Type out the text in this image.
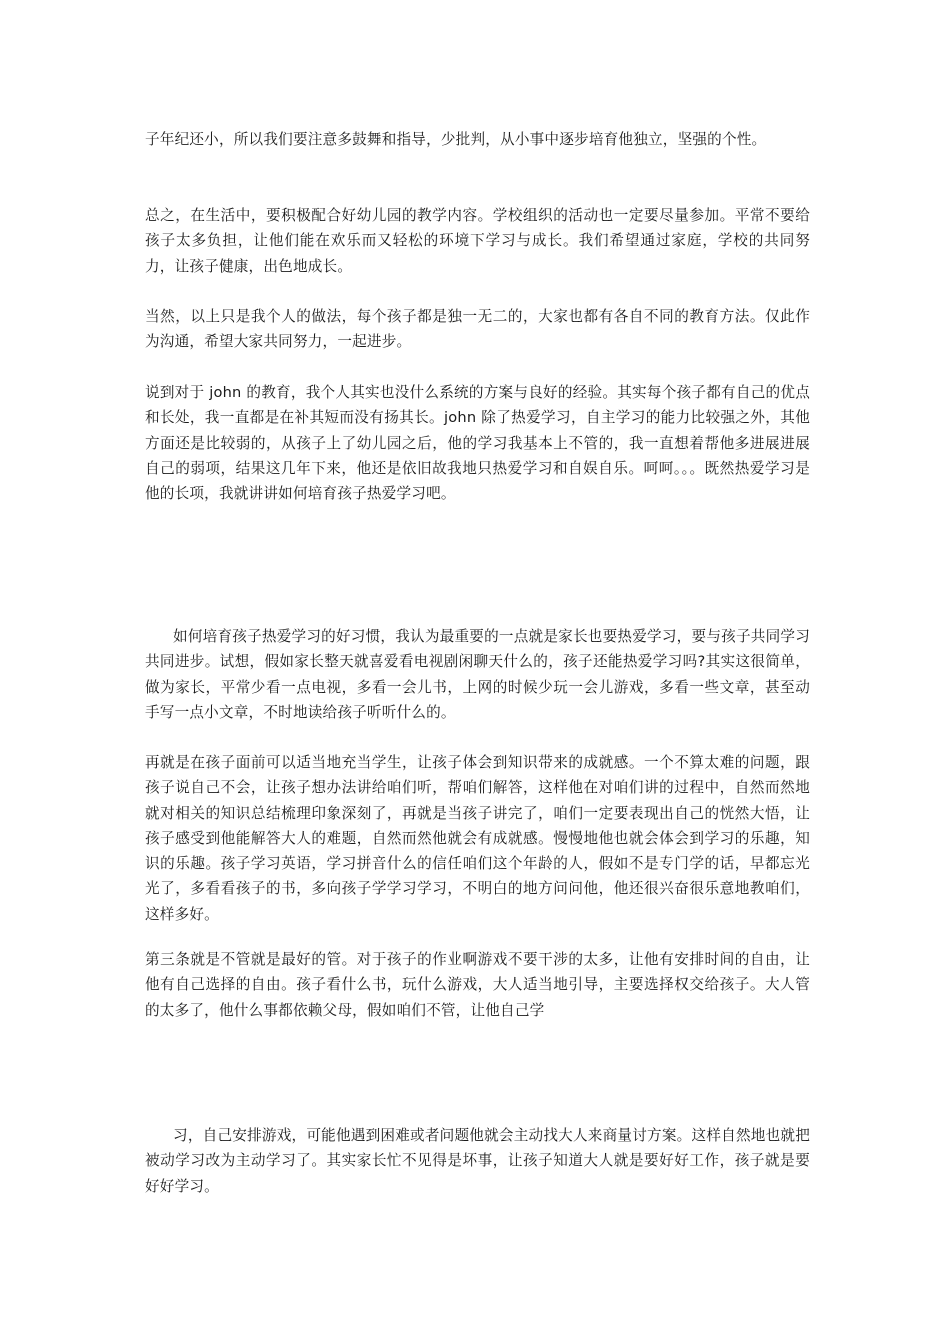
子年纪还小，所以我们要注意多鼓舞和指导，少批判，从小事中逐步培育他独立，坚强的个性。

总之，在生活中，要积极配合好幼儿园的教学内容。学校组织的活动也一定要尽量参加。平常不要给孩子太多负担，让他们能在欢乐而又轻松的环境下学习与成长。我们希望通过家庭，学校的共同努力，让孩子健康，出色地成长。

当然，以上只是我个人的做法，每个孩子都是独一无二的，大家也都有各自不同的教育方法。仅此作为沟通，希望大家共同努力，一起进步。

说到对于 john 的教育，我个人其实也没什么系统的方案与良好的经验。其实每个孩子都有自己的优点和长处，我一直都是在补其短而没有扬其长。john 除了热爱学习，自主学习的能力比较强之外，其他方面还是比较弱的，从孩子上了幼儿园之后，他的学习我基本上不管的，我一直想着帮他多进展进展自己的弱项，结果这几年下来，他还是依旧故我地只热爱学习和自娱自乐。呵呵。。。既然热爱学习是他的长项，我就讲讲如何培育孩子热爱学习吧。

如何培育孩子热爱学习的好习惯，我认为最重要的一点就是家长也要热爱学习，要与孩子共同学习共同进步。试想，假如家长整天就喜爱看电视剧闲聊天什么的，孩子还能热爱学习吗?其实这很简单，做为家长，平常少看一点电视，多看一会儿书，上网的时候少玩一会儿游戏，多看一些文章，甚至动手写一点小文章，不时地读给孩子听听什么的。

再就是在孩子面前可以适当地充当学生，让孩子体会到知识带来的成就感。一个不算太难的问题，跟孩子说自己不会，让孩子想办法讲给咱们听，帮咱们解答，这样他在对咱们讲的过程中，自然而然地就对相关的知识总结梳理印象深刻了，再就是当孩子讲完了，咱们一定要表现出自己的恍然大悟，让孩子感受到他能解答大人的难题，自然而然他就会有成就感。慢慢地他也就会体会到学习的乐趣，知识的乐趣。孩子学习英语，学习拼音什么的信任咱们这个年龄的人，假如不是专门学的话，早都忘光光了，多看看孩子的书，多向孩子学学习学习，不明白的地方问问他，他还很兴奋很乐意地教咱们，这样多好。

第三条就是不管就是最好的管。对于孩子的作业啊游戏不要干涉的太多，让他有安排时间的自由，让他有自己选择的自由。孩子看什么书，玩什么游戏，大人适当地引导，主要选择权交给孩子。大人管的太多了，他什么事都依赖父母，假如咱们不管，让他自己学

习，自己安排游戏，可能他遇到困难或者问题他就会主动找大人来商量讨方案。这样自然地也就把被动学习改为主动学习了。其实家长忙不见得是坏事，让孩子知道大人就是要好好工作，孩子就是要好好学习。
